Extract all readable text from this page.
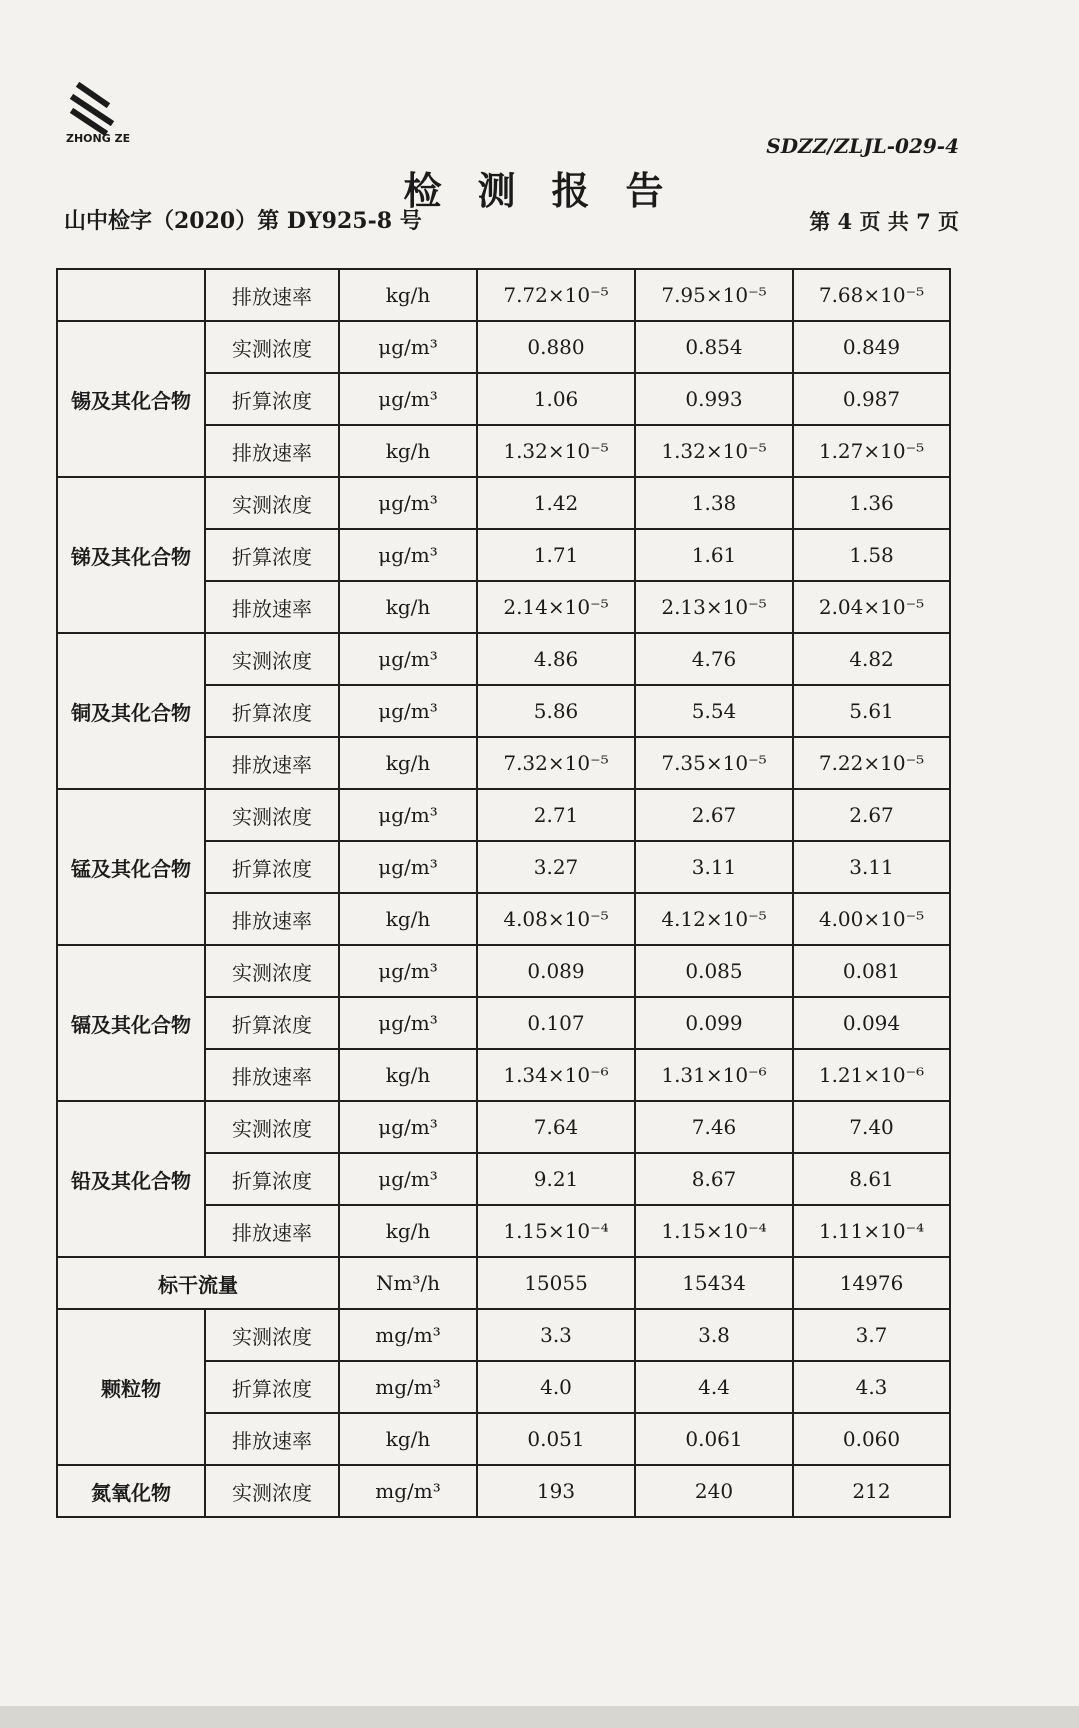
ZHONG ZE	SDZZ/ZLJL-029-4
检测报告
山中检字（2020）第 DY925-8 号	第 4 页 共 7 页
	排放速率	kg/h	7.72×10⁻⁵	7.95×10⁻⁵	7.68×10⁻⁵
锡及其化合物	实测浓度	μg/m³	0.880	0.854	0.849
	折算浓度	μg/m³	1.06	0.993	0.987
	排放速率	kg/h	1.32×10⁻⁵	1.32×10⁻⁵	1.27×10⁻⁵
锑及其化合物	实测浓度	μg/m³	1.42	1.38	1.36
	折算浓度	μg/m³	1.71	1.61	1.58
	排放速率	kg/h	2.14×10⁻⁵	2.13×10⁻⁵	2.04×10⁻⁵
铜及其化合物	实测浓度	μg/m³	4.86	4.76	4.82
	折算浓度	μg/m³	5.86	5.54	5.61
	排放速率	kg/h	7.32×10⁻⁵	7.35×10⁻⁵	7.22×10⁻⁵
锰及其化合物	实测浓度	μg/m³	2.71	2.67	2.67
	折算浓度	μg/m³	3.27	3.11	3.11
	排放速率	kg/h	4.08×10⁻⁵	4.12×10⁻⁵	4.00×10⁻⁵
镉及其化合物	实测浓度	μg/m³	0.089	0.085	0.081
	折算浓度	μg/m³	0.107	0.099	0.094
	排放速率	kg/h	1.34×10⁻⁶	1.31×10⁻⁶	1.21×10⁻⁶
铅及其化合物	实测浓度	μg/m³	7.64	7.46	7.40
	折算浓度	μg/m³	9.21	8.67	8.61
	排放速率	kg/h	1.15×10⁻⁴	1.15×10⁻⁴	1.11×10⁻⁴
标干流量		Nm³/h	15055	15434	14976
颗粒物	实测浓度	mg/m³	3.3	3.8	3.7
	折算浓度	mg/m³	4.0	4.4	4.3
	排放速率	kg/h	0.051	0.061	0.060
氮氧化物	实测浓度	mg/m³	193	240	212
